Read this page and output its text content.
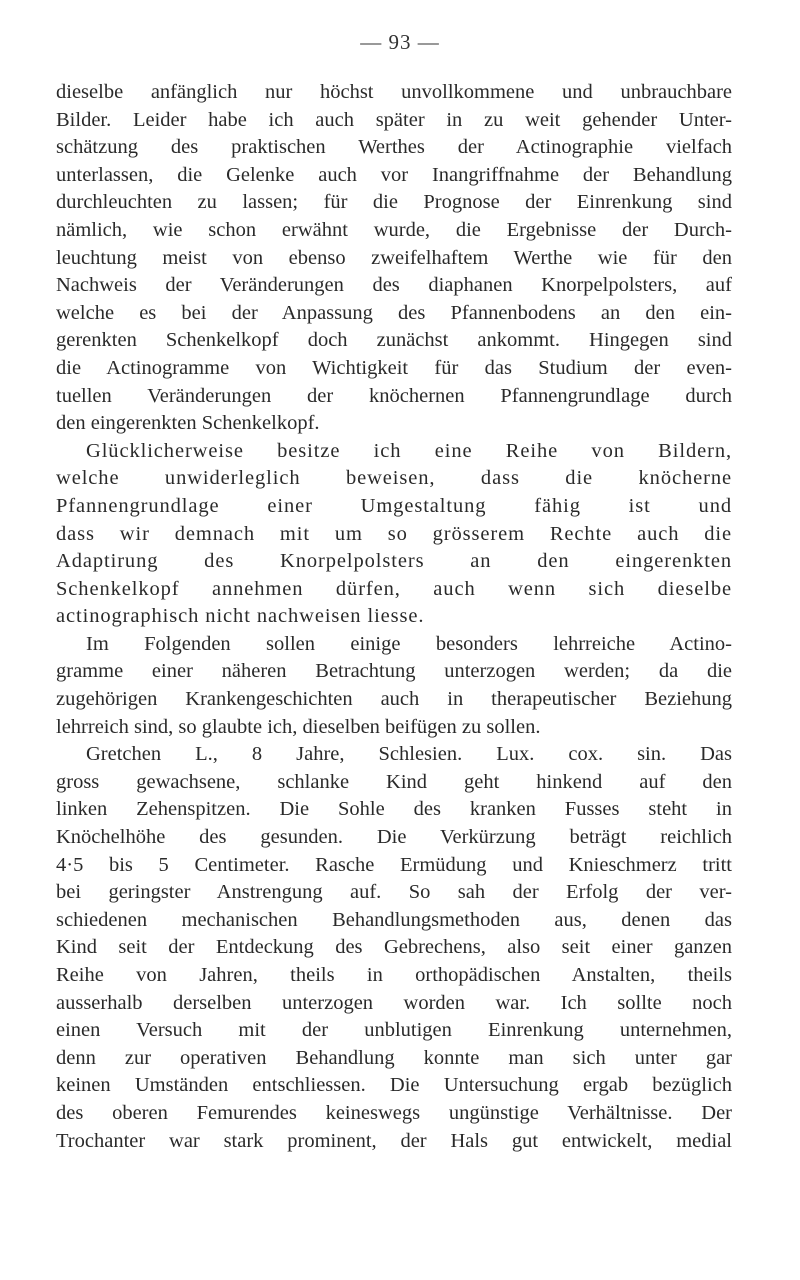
— 93 —
dieselbe anfänglich nur höchst unvollkommene und unbrauchbare
Bilder. Leider habe ich auch später in zu weit gehender Unter-
schätzung des praktischen Werthes der Actinographie vielfach
unterlassen, die Gelenke auch vor Inangriffnahme der Behandlung
durchleuchten zu lassen; für die Prognose der Einrenkung sind
nämlich, wie schon erwähnt wurde, die Ergebnisse der Durch-
leuchtung meist von ebenso zweifelhaftem Werthe wie für den
Nachweis der Veränderungen des diaphanen Knorpelpolsters, auf
welche es bei der Anpassung des Pfannenbodens an den ein-
gerenkten Schenkelkopf doch zunächst ankommt. Hingegen sind
die Actinogramme von Wichtigkeit für das Studium der even-
tuellen Veränderungen der knöchernen Pfannengrundlage durch
den eingerenkten Schenkelkopf.
Glücklicherweise besitze ich eine Reihe von Bildern,
welche unwiderleglich beweisen, dass die knöcherne
Pfannengrundlage einer Umgestaltung fähig ist und
dass wir demnach mit um so grösserem Rechte auch die
Adaptirung des Knorpelpolsters an den eingerenkten
Schenkelkopf annehmen dürfen, auch wenn sich dieselbe
actinographisch nicht nachweisen liesse.
Im Folgenden sollen einige besonders lehrreiche Actino-
gramme einer näheren Betrachtung unterzogen werden; da die
zugehörigen Krankengeschichten auch in therapeutischer Beziehung
lehrreich sind, so glaubte ich, dieselben beifügen zu sollen.
Gretchen L., 8 Jahre, Schlesien. Lux. cox. sin. Das
gross gewachsene, schlanke Kind geht hinkend auf den
linken Zehenspitzen. Die Sohle des kranken Fusses steht in
Knöchelhöhe des gesunden. Die Verkürzung beträgt reichlich
4·5 bis 5 Centimeter. Rasche Ermüdung und Knieschmerz tritt
bei geringster Anstrengung auf. So sah der Erfolg der ver-
schiedenen mechanischen Behandlungsmethoden aus, denen das
Kind seit der Entdeckung des Gebrechens, also seit einer ganzen
Reihe von Jahren, theils in orthopädischen Anstalten, theils
ausserhalb derselben unterzogen worden war. Ich sollte noch
einen Versuch mit der unblutigen Einrenkung unternehmen,
denn zur operativen Behandlung konnte man sich unter gar
keinen Umständen entschliessen. Die Untersuchung ergab bezüglich
des oberen Femurendes keineswegs ungünstige Verhältnisse. Der
Trochanter war stark prominent, der Hals gut entwickelt, medial
